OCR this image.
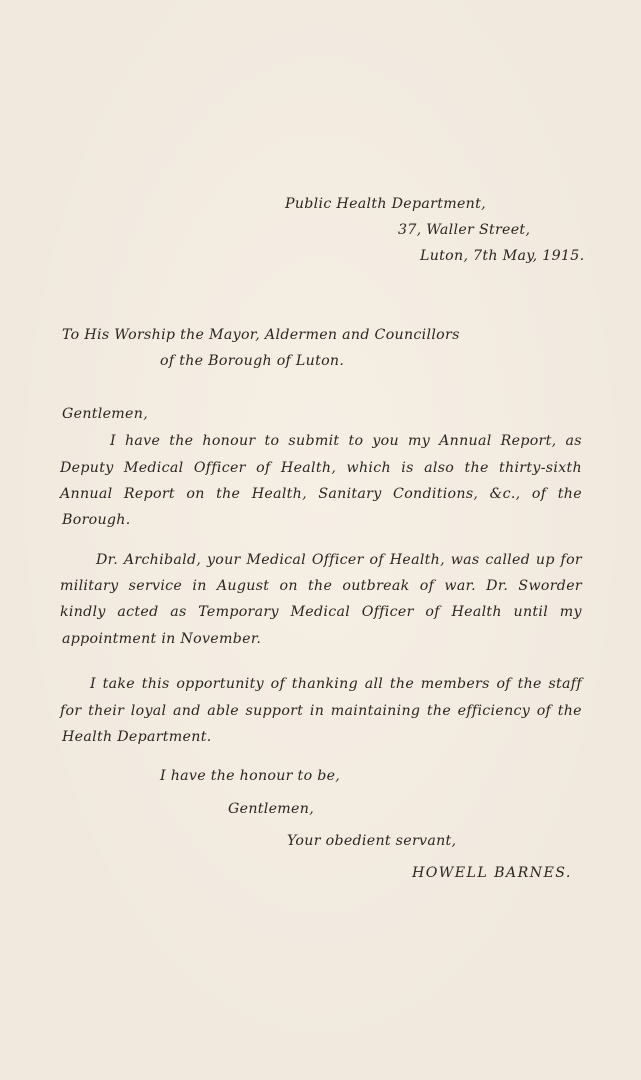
Public Health Department,
37, Waller Street,
Luton, 7th May, 1915.
To His Worship the Mayor, Aldermen and Councillors
of the Borough of Luton.
Gentlemen,
I have the honour to submit to you my Annual Report, as
Deputy Medical Officer of Health, which is also the thirty-sixth
Annual Report on the Health, Sanitary Conditions, &c., of the
Borough.
Dr. Archibald, your Medical Officer of Health, was called up for
military service in August on the outbreak of war. Dr. Sworder
kindly acted as Temporary Medical Officer of Health until my
appointment in November.
I take this opportunity of thanking all the members of the staff
for their loyal and able support in maintaining the efficiency of the
Health Department.
I have the honour to be,
Gentlemen,
Your obedient servant,
HOWELL BARNES.
